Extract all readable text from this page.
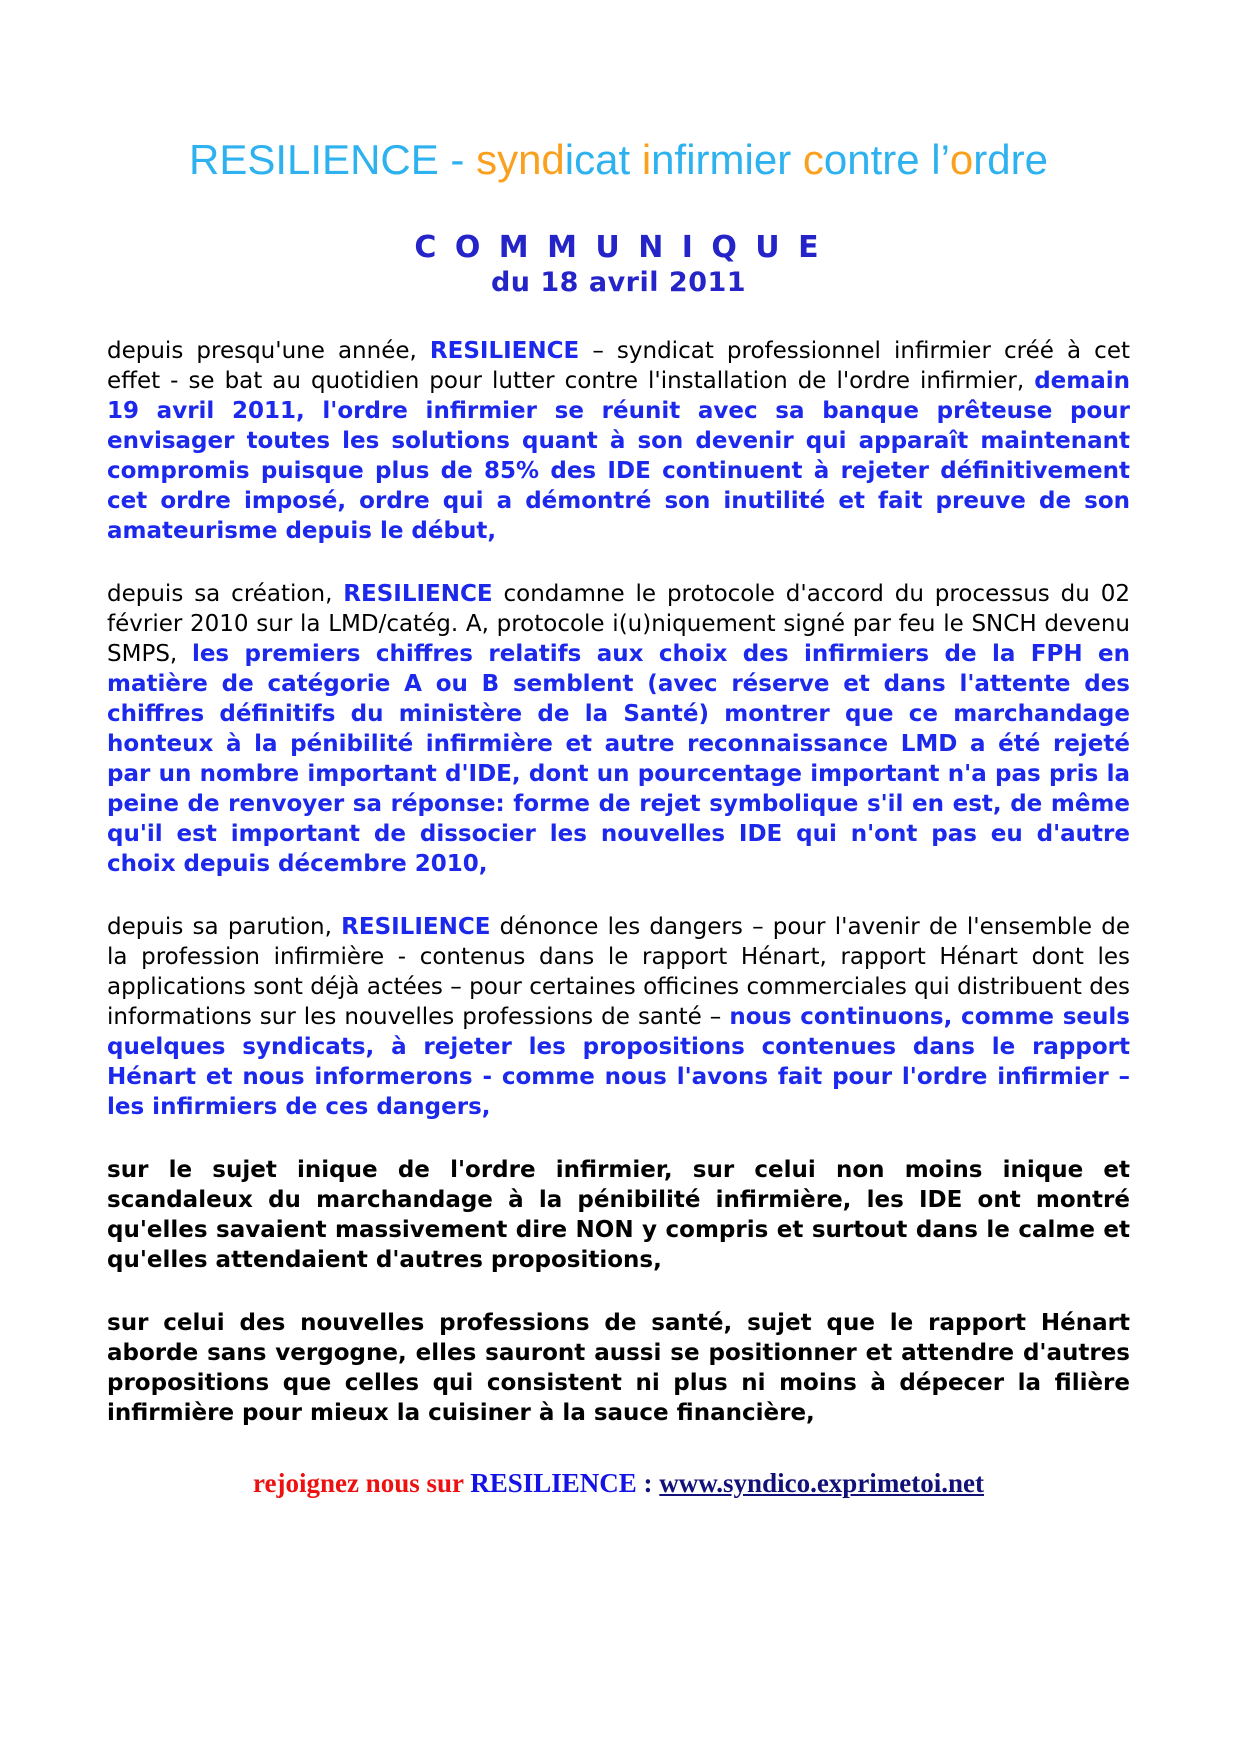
RESILIENCE - syndicat infirmier contre l’ordre
C O M M U N I Q U E
du 18 avril 2011

depuis presqu'une année, RESILIENCE – syndicat professionnel infirmier créé à cet effet - se bat au quotidien pour lutter contre l'installation de l'ordre infirmier, demain 19 avril 2011, l'ordre infirmier se réunit avec sa banque prêteuse pour envisager toutes les solutions quant à son devenir qui apparaît maintenant compromis puisque plus de 85% des IDE continuent à rejeter définitivement cet ordre imposé, ordre qui a démontré son inutilité et fait preuve de son amateurisme depuis le début,

depuis sa création, RESILIENCE condamne le protocole d'accord du processus du 02 février 2010 sur la LMD/catég. A, protocole i(u)niquement signé par feu le SNCH devenu SMPS, les premiers chiffres relatifs aux choix des infirmiers de la FPH en matière de catégorie A ou B semblent (avec réserve et dans l'attente des chiffres définitifs du ministère de la Santé) montrer que ce marchandage honteux à la pénibilité infirmière et autre reconnaissance LMD a été rejeté par un nombre important d'IDE, dont un pourcentage important n'a pas pris la peine de renvoyer sa réponse: forme de rejet symbolique s'il en est, de même qu'il est important de dissocier les nouvelles IDE qui n'ont pas eu d'autre choix depuis décembre 2010,

depuis sa parution, RESILIENCE dénonce les dangers – pour l'avenir de l'ensemble de la profession infirmière - contenus dans le rapport Hénart, rapport Hénart dont les applications sont déjà actées – pour certaines officines commerciales qui distribuent des informations sur les nouvelles professions de santé – nous continuons, comme seuls quelques syndicats, à rejeter les propositions contenues dans le rapport Hénart et nous informerons - comme nous l'avons fait pour l'ordre infirmier – les infirmiers de ces dangers,

sur le sujet inique de l'ordre infirmier, sur celui non moins inique et scandaleux du marchandage à la pénibilité infirmière, les IDE ont montré qu'elles savaient massivement dire NON y compris et surtout dans le calme et qu'elles attendaient d'autres propositions,

sur celui des nouvelles professions de santé, sujet que le rapport Hénart aborde sans vergogne, elles sauront aussi se positionner et attendre d'autres propositions que celles qui consistent ni plus ni moins à dépecer la filière infirmière pour mieux la cuisiner à la sauce financière,

rejoignez nous sur RESILIENCE : www.syndico.exprimetoi.net
